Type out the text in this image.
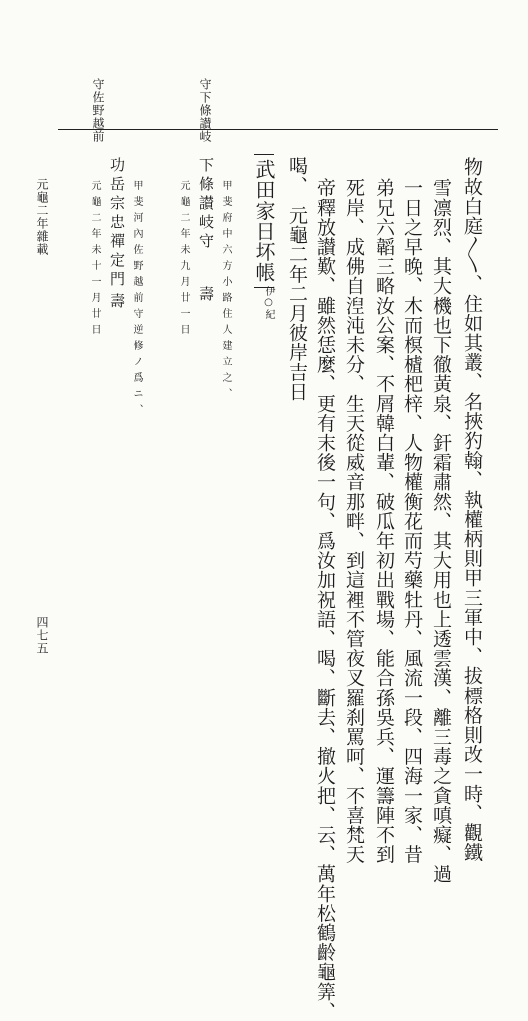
守佐野越前	守下條讃岐
物故白庭〳〵、住如其叢、名挾犳翰、執權柄則甲三軍中、拔標格則改一時、觀鐵
雪凛烈、其大機也下徹黃泉、釬霜肅然、其大用也上透雲漢、離三毒之貪嗔癡、過
一日之早晚、木而榠樝杷梓、人物權衡花而芍藥牡丹、風流一段、四海一家、昔
弟兄六韜三略汝公案、不屑韓白輩、破瓜年初出戰場、能合孫吳兵、運籌陣不到
死岸、成佛自湼沌未分、生天從威音那畔、到這裡不管夜叉羅刹罵呵、不喜梵天
帝釋放讃歎、雖然恁麼、更有末後一句、爲汝加祝語、喝、斷去、撤火把、云、萬年松鶴齡龜筭、
喝、　元龜二年二月彼岸吉日
武田家日坏帳
伊○紀
甲斐府中六方小路住人建立之、
下條讃岐守
壽
元龜二年未九月廿一日
甲斐河內佐野越前守逆修ノ爲ニ、
功岳宗忠禪定門
壽
元龜二年未十一月廿日
元龜二年雜載
四七五
